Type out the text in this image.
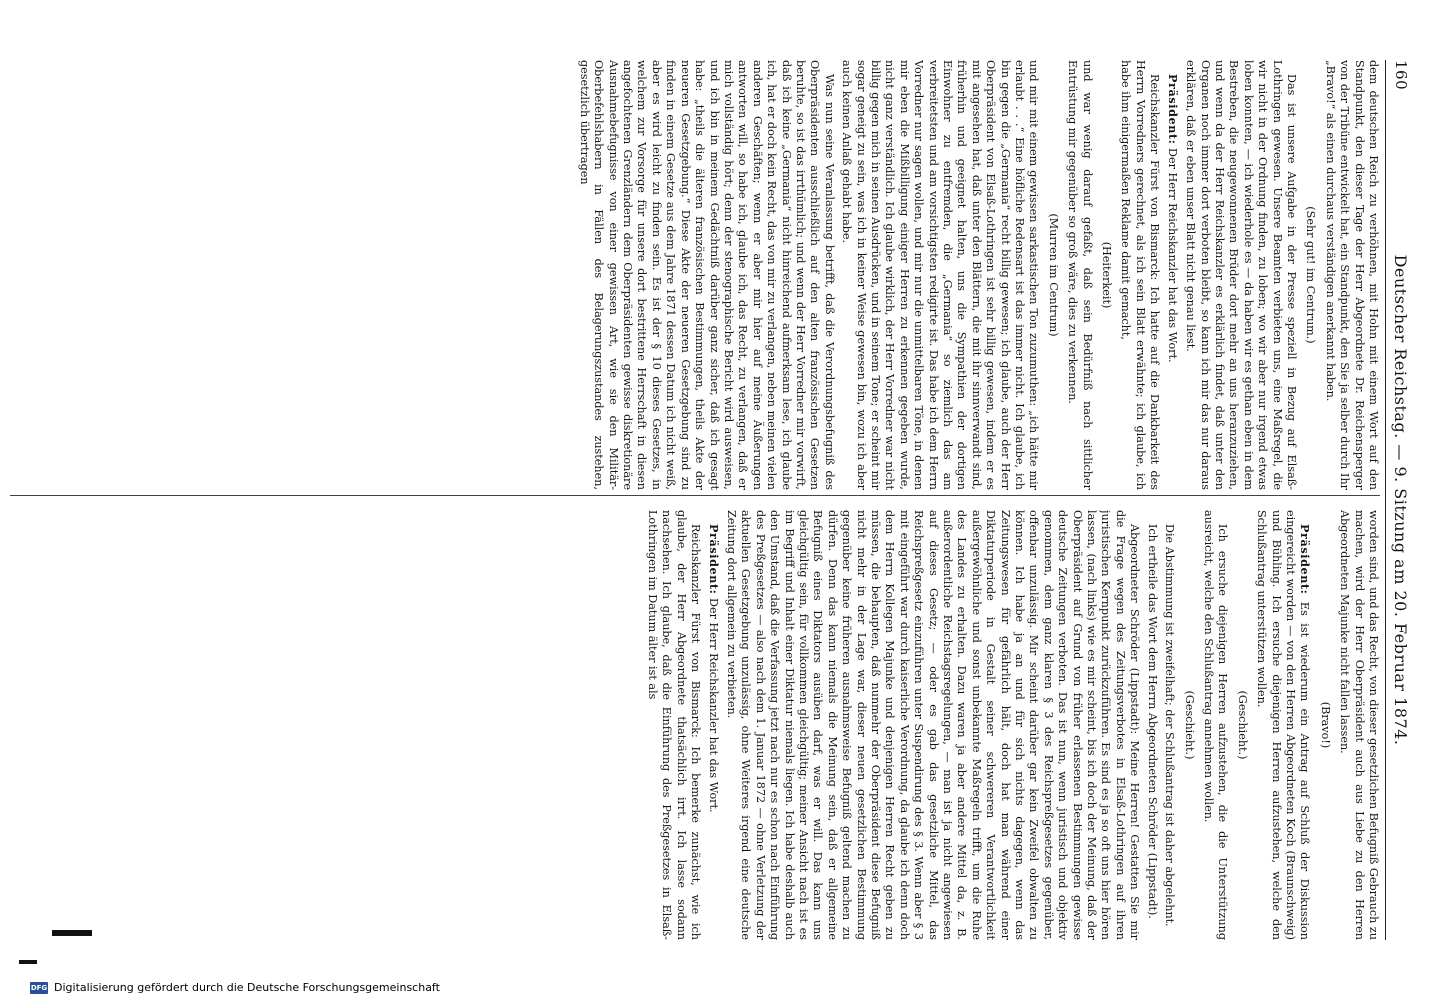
160
Deutscher Reichstag. — 9. Sitzung am 20. Februar 1874.

dem deutschen Reich zu verhöhnen, mit Hohn mit einem Wort auf den Standpunkt, den dieser Tage der Herr Abgeordnete Dr. Reichensperger von der Tribüne entwickelt hat, ein Standpunkt, den Sie ja selber durch Ihr „Bravo!“ als einen durchaus verständigen anerkannt haben.

(Sehr gut! im Centrum.)

Das ist unsere Aufgabe in der Presse speziell in Bezug auf Elsaß-Lothringen gewesen. Unsere Beamten verbieten uns, eine Maßregel, die wir nicht in der Ordnung finden, zu loben; wo wir aber nur irgend etwas loben konnten, — ich wiederhole es — da haben wir es gethan eben in dem Bestreben, die neugewonnenen Brüder dort mehr an uns heranzuziehen, und wenn da der Herr Reichskanzler es erklärlich findet, daß unter den Organen noch immer dort verboten bleibt, so kann ich mir das nur daraus erklären, daß er eben unser Blatt nicht genau liest.

Präsident: Der Herr Reichskanzler hat das Wort.

Reichskanzler Fürst von Bismarck: Ich hatte auf die Dankbarkeit des Herrn Vorredners gerechnet, als ich sein Blatt erwähnte; ich glaube, ich habe ihm einigermaßen Reklame damit gemacht,

(Heiterkeit)

und war wenig darauf gefaßt, daß sein Bedürfniß nach sittlicher Entrüstung mir gegenüber so groß wäre, dies zu verkennen.

(Murren im Centrum)

und mir mit einem gewissen sarkastischen Ton zuzumuthen: „ich hätte mir erlaubt . . .“ Eine höfliche Redensart ist das immer nicht. Ich glaube, ich bin gegen die „Germania“ recht billig gewesen; ich glaube, auch der Herr Oberpräsident von Elsaß-Lothringen ist sehr billig gewesen, indem er es mit angesehen hat, daß unter den Blättern, die mit ihr sinnverwandt sind, früherhin und geeignet halten, uns die Sympathien der dortigen Einwohner zu entfremden, die „Germania“ so ziemlich das am verbreitetsten und am vorsichtigsten redigirte ist. Das habe ich dem Herrn Vorredner nur sagen wollen, und mir nur die unmittelbaren Töne, in denen mir eben die Mißbilligung einiger Herren zu erkennen gegeben wurde, nicht ganz verständlich. Ich glaube wirklich, der Herr Vorredner war nicht billig gegen mich in seinen Ausdrücken, und in seinem Tone; er scheint mir sogar geneigt zu sein, was ich in keiner Weise gewesen bin, wozu ich aber auch keinen Anlaß gehabt habe.

Was nun seine Veranlassung betrifft, daß die Verordnungsbefugniß des Oberpräsidenten ausschließlich auf den alten französischen Gesetzen beruhte, so ist das irrthümlich; und wenn der Herr Vorredner mir vorwirft, daß ich keine „Germania“ nicht hinreichend aufmerksam lese, ich glaube ich, hat er doch kein Recht, das von mir zu verlangen, neben meinen vielen anderen Geschäften; wenn er aber mir hier auf meine Äußerungen antworten will, so habe ich, glaube ich, das Recht, zu verlangen, daß er mich vollständig hört; denn der stenographische Bericht wird ausweisen, und ich bin in meinem Gedächtniß darüber ganz sicher, daß ich gesagt habe: „theils die älteren französischen Bestimmungen, theils Akte der neueren Gesetzgebung.“ Diese Akte der neueren Gesetzgebung sind zu finden in einem Gesetze aus dem Jahre 1871 dessen Datum ich nicht weiß, aber es wird leicht zu finden sein. Es ist der § 10 dieses Gesetzes, in welchem zur Vorsorge für unsere dort bestrittene Herrschaft in diesen angefochtenen Grenzländern dem Oberpräsidenten gewisse diskretionäre Ausnahmebefugnisse von einer gewissen Art, wie sie den Militär-Oberbefehlshabern in Fällen des Belagerungszustandes zustehen, gesetzlich übertragen

worden sind, und das Recht, von dieser gesetzlichen Befugniß Gebrauch zu machen, wird der Herr Oberpräsident auch aus Liebe zu den Herren Abgeordneten Majunke nicht fallen lassen.

(Bravo!)

Präsident: Es ist wiederum ein Antrag auf Schluß der Diskussion eingereicht worden — von den Herren Abgeordneten Koch (Braunschweig) und Bühling. Ich ersuche diejenigen Herren aufzustehen, welche den Schlußantrag unterstützen wollen.

(Geschieht.)

Ich ersuche diejenigen Herren aufzustehen, die die Unterstützung ausreicht, welche den Schlußantrag annehmen wollen.

(Geschieht.)

Die Abstimmung ist zweifelhaft; der Schlußantrag ist daher abgelehnt.

Ich ertheile das Wort dem Herrn Abgeordneten Schröder (Lippstadt).

Abgeordneter Schröder (Lippstadt): Meine Herren! Gestatten Sie mir die Frage wegen des Zeitungsverbotes in Elsaß-Lothringen auf ihren juristischen Kernpunkt zurückzuführen. Es sind es ja so oft uns hier hören lassen, (nach links) wie es mir scheint, bis ich doch der Meinung, daß der Oberpräsident auf Grund von früher erlassenen Bestimmungen gewisse deutsche Zeitungen verboten. Das ist nun, wenn juristisch und objektiv genommen, dem ganz klaren § 3 des Reichspreßgesetzes gegenüber, offenbar unzulässig. Mir scheint darüber gar kein Zweifel obwalten zu können. Ich habe ja an und für sich nichts dagegen, wenn das Zeitungswesen für gefährlich hält, doch hat man während einer Diktaturperiode in Gestalt seiner schwereren Verantwortlichkeit außergewöhnliche und sonst unbekannte Maßregeln trifft, um die Ruhe des Landes zu erhalten. Dazu waren ja aber andere Mittel da, z. B. außerordentliche Reichstagsregelungen, — man ist ja nicht angewiesen auf dieses Gesetz; — oder es gab das gesetzliche Mittel, das Reichspreßgesetz einzuführen unter Suspendirung des § 3. Wenn aber § 3 mit eingeführt war durch kaiserliche Verordnung, da glaube ich denn doch dem Herrn Kollegen Majunke und denjenigen Herren Recht geben zu müssen, die behaupten, daß nunmehr der Oberpräsident diese Befugniß nicht mehr in der Lage war, dieser neuen gesetzlichen Bestimmung gegenüber keine früheren ausnahmsweise Befugniß geltend machen zu dürfen. Denn das kann niemals die Meinung sein, daß er allgemeine Befugniß eines Diktators ausüben darf, was er will. Das kann uns gleichgültig sein, für vollkommen gleichgültig; meiner Ansicht nach ist es im Begriff und Inhalt einer Diktatur niemals liegen. Ich habe deshalb auch den Umstand, daß die Verfassung jetzt nach nur es schon nach Einführung des Preßgesetzes — also nach dem 1. Januar 1872 — ohne Verletzung der aktuellen Gesetzgebung unzulässig, ohne Weiteres irgend eine deutsche Zeitung dort allgemein zu verbieten.

Präsident: Der Herr Reichskanzler hat das Wort.

Reichskanzler Fürst von Bismarck: Ich bemerke zunächst, wie ich glaube, der Herr Abgeordnete thatsächlich irrt. Ich lasse sodann nachsehen. Ich glaube, daß die Einführung des Preßgesetzes in Elsaß-Lothringen im Datum älter ist als

DFG Digitalisierung gefördert durch die Deutsche Forschungsgemeinschaft
